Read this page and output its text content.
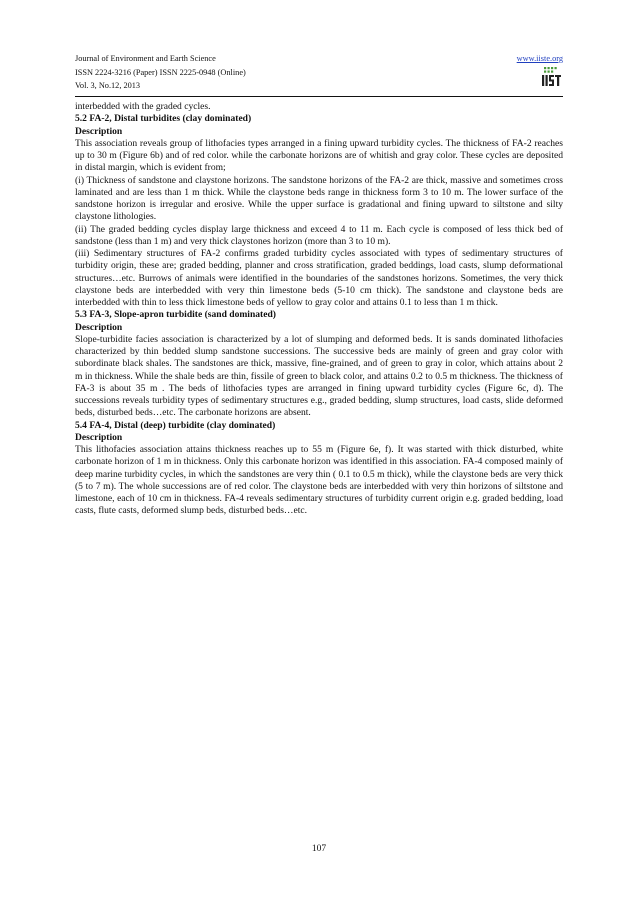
Journal of Environment and Earth Science	www.iiste.org
ISSN 2224-3216 (Paper) ISSN 2225-0948 (Online)
Vol. 3, No.12, 2013

interbedded with the graded cycles.

5.2 FA-2, Distal turbidites (clay dominated)

Description

This association reveals group of lithofacies types arranged in a fining upward turbidity cycles. The thickness of FA-2 reaches up to 30 m (Figure 6b) and of red color. while the carbonate horizons are of whitish and gray color. These cycles are deposited in distal margin, which is evident from;

(i) Thickness of sandstone and claystone horizons. The sandstone horizons of the FA-2 are thick, massive and sometimes cross laminated and are less than 1 m thick. While the claystone beds range in thickness form 3 to 10 m. The lower surface of the sandstone horizon is irregular and erosive. While the upper surface is gradational and fining upward to siltstone and silty claystone lithologies.

(ii) The graded bedding cycles display large thickness and exceed 4 to 11 m. Each cycle is composed of less thick bed of sandstone (less than 1 m) and very thick claystones horizon (more than 3 to 10 m).

(iii) Sedimentary structures of FA-2 confirms graded turbidity cycles associated with types of sedimentary structures of turbidity origin, these are; graded bedding, planner and cross stratification, graded beddings, load casts, slump deformational structures…etc. Burrows of animals were identified in the boundaries of the sandstones horizons. Sometimes, the very thick claystone beds are interbedded with very thin limestone beds (5-10 cm thick). The sandstone and claystone beds are interbedded with thin to less thick limestone beds of yellow to gray color and attains 0.1 to less than 1 m thick.

5.3 FA-3, Slope-apron turbidite (sand dominated)

Description

Slope-turbidite facies association is characterized by a lot of slumping and deformed beds. It is sands dominated lithofacies characterized by thin bedded slump sandstone successions. The successive beds are mainly of green and gray color with subordinate black shales. The sandstones are thick, massive, fine-grained, and of green to gray in color, which attains about 2 m in thickness. While the shale beds are thin, fissile of green to black color, and attains 0.2 to 0.5 m thickness. The thickness of FA-3 is about 35 m . The beds of lithofacies types are arranged in fining upward turbidity cycles (Figure 6c, d). The successions reveals turbidity types of sedimentary structures e.g., graded bedding, slump structures, load casts, slide deformed beds, disturbed beds…etc. The carbonate horizons are absent.

5.4 FA-4, Distal (deep) turbidite (clay dominated)

Description

This lithofacies association attains thickness reaches up to 55 m (Figure 6e, f). It was started with thick disturbed, white carbonate horizon of 1 m in thickness. Only this carbonate horizon was identified in this association. FA-4 composed mainly of deep marine turbidity cycles, in which the sandstones are very thin ( 0.1 to 0.5 m thick), while the claystone beds are very thick (5 to 7 m). The whole successions are of red color. The claystone beds are interbedded with very thin horizons of siltstone and limestone, each of 10 cm in thickness. FA-4 reveals sedimentary structures of turbidity current origin e.g. graded bedding, load casts, flute casts, deformed slump beds, disturbed beds…etc.

107
